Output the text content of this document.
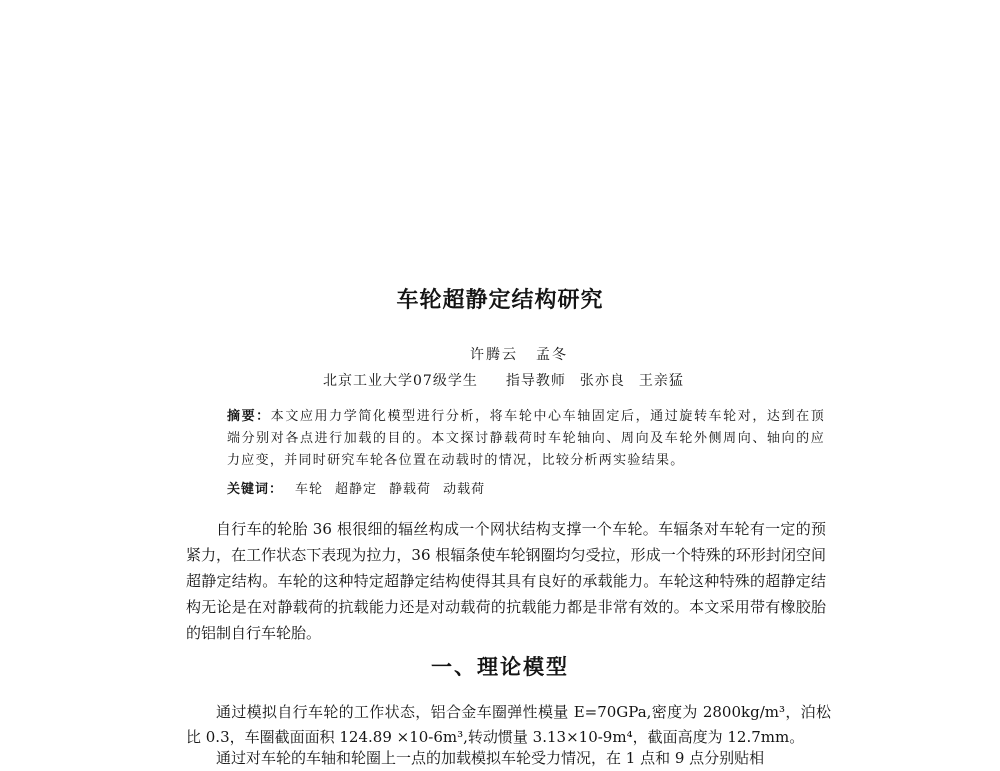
车轮超静定结构研究
许腾云 孟冬
北京工业大学07级学生 指导教师 张亦良 王亲猛

摘要：本文应用力学简化模型进行分析，将车轮中心车轴固定后，通过旋转车轮对，达到在顶端分别对各点进行加载的目的。本文探讨静载荷时车轮轴向、周向及车轮外侧周向、轴向的应力应变，并同时研究车轮各位置在动载时的情况，比较分析两实验结果。

关键词： 车轮 超静定 静载荷 动载荷

自行车的轮胎 36 根很细的辐丝构成一个网状结构支撑一个车轮。车辐条对车轮有一定的预紧力，在工作状态下表现为拉力，36 根辐条使车轮钢圈均匀受拉，形成一个特殊的环形封闭空间超静定结构。车轮的这种特定超静定结构使得其具有良好的承载能力。车轮这种特殊的超静定结构无论是在对静载荷的抗载能力还是对动载荷的抗载能力都是非常有效的。本文采用带有橡胶胎的铝制自行车轮胎。

一、理论模型

通过模拟自行车轮的工作状态，铝合金车圈弹性模量 E=70GPa,密度为 2800kg/m³，泊松比 0.3，车圈截面面积 124.89 ×10-6m³,转动惯量 3.13×10-9m⁴，截面高度为 12.7mm。

通过对车轮的车轴和轮圈上一点的加载模拟车轮受力情况，在 1 点和 9 点分别贴相
